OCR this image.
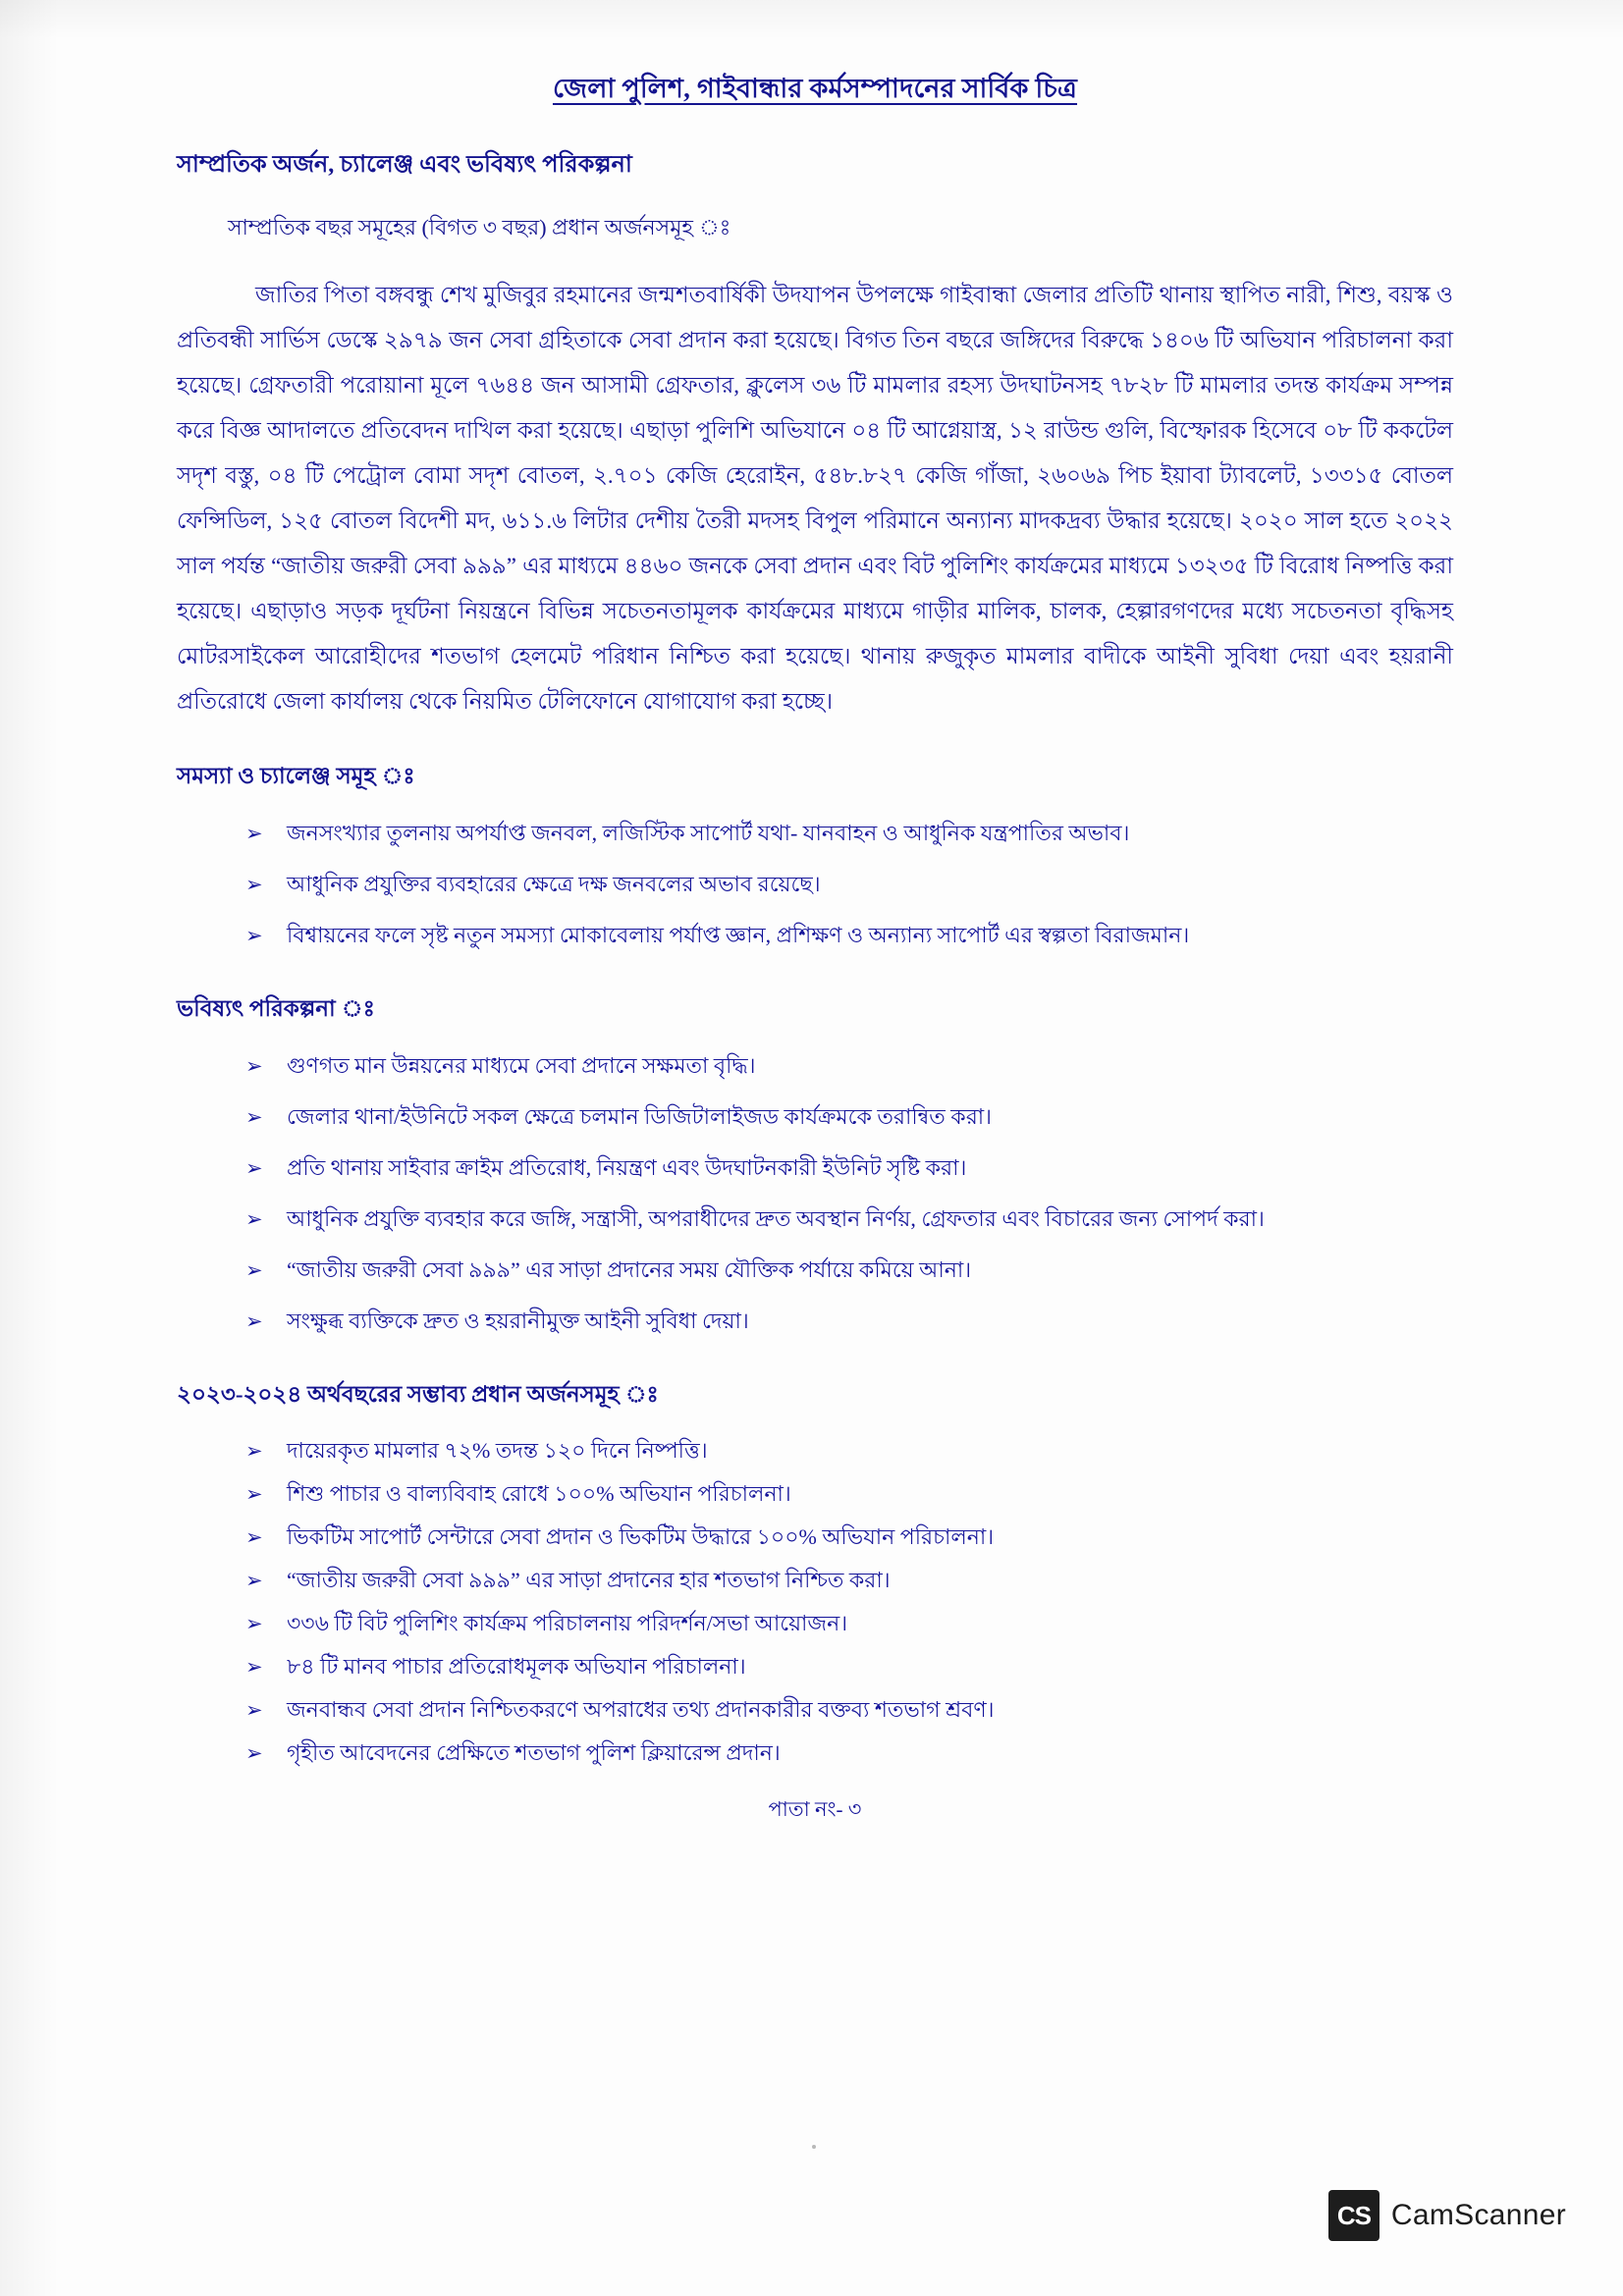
জেলা পুলিশ, গাইবান্ধার কর্মসম্পাদনের সার্বিক চিত্র
সাম্প্রতিক অর্জন, চ্যালেঞ্জ এবং ভবিষ্যৎ পরিকল্পনা
সাম্প্রতিক বছর সমূহের (বিগত ৩ বছর) প্রধান অর্জনসমূহ ঃ

জাতির পিতা বঙ্গবন্ধু শেখ মুজিবুর রহমানের জন্মশতবার্ষিকী উদযাপন উপলক্ষে গাইবান্ধা জেলার প্রতিটি থানায় স্থাপিত নারী, শিশু, বয়স্ক ও প্রতিবন্ধী সার্ভিস ডেস্কে ২৯৭৯ জন সেবা গ্রহিতাকে সেবা প্রদান করা হয়েছে। বিগত তিন বছরে জঙ্গিদের বিরুদ্ধে ১৪০৬ টি অভিযান পরিচালনা করা হয়েছে। গ্রেফতারী পরোয়ানা মূলে ৭৬৪৪ জন আসামী গ্রেফতার, ক্লুলেস ৩৬ টি মামলার রহস্য উদঘাটনসহ ৭৮২৮ টি মামলার তদন্ত কার্যক্রম সম্পন্ন করে বিজ্ঞ আদালতে প্রতিবেদন দাখিল করা হয়েছে। এছাড়া পুলিশি অভিযানে ০৪ টি আগ্নেয়াস্ত্র, ১২ রাউন্ড গুলি, বিস্ফোরক হিসেবে ০৮ টি ককটেল সদৃশ বস্তু, ০৪ টি পেট্রোল বোমা সদৃশ বোতল, ২.৭০১ কেজি হেরোইন, ৫৪৮.৮২৭ কেজি গাঁজা, ২৬০৬৯ পিচ ইয়াবা ট্যাবলেট, ১৩৩১৫ বোতল ফেন্সিডিল, ১২৫ বোতল বিদেশী মদ, ৬১১.৬ লিটার দেশীয় তৈরী মদসহ বিপুল পরিমানে অন্যান্য মাদকদ্রব্য উদ্ধার হয়েছে। ২০২০ সাল হতে ২০২২ সাল পর্যন্ত “জাতীয় জরুরী সেবা ৯৯৯” এর মাধ্যমে ৪৪৬০ জনকে সেবা প্রদান এবং বিট পুলিশিং কার্যক্রমের মাধ্যমে ১৩২৩৫ টি বিরোধ নিষ্পত্তি করা হয়েছে। এছাড়াও সড়ক দূর্ঘটনা নিয়ন্ত্রনে বিভিন্ন সচেতনতামূলক কার্যক্রমের মাধ্যমে গাড়ীর মালিক, চালক, হেল্পারগণদের মধ্যে সচেতনতা বৃদ্ধিসহ মোটরসাইকেল আরোহীদের শতভাগ হেলমেট পরিধান নিশ্চিত করা হয়েছে। থানায় রুজুকৃত মামলার বাদীকে আইনী সুবিধা দেয়া এবং হয়রানী প্রতিরোধে জেলা কার্যালয় থেকে নিয়মিত টেলিফোনে যোগাযোগ করা হচ্ছে।

সমস্যা ও চ্যালেঞ্জ সমূহ ঃ
➢ জনসংখ্যার তুলনায় অপর্যাপ্ত জনবল, লজিস্টিক সাপোর্ট যথা- যানবাহন ও আধুনিক যন্ত্রপাতির অভাব।
➢ আধুনিক প্রযুক্তির ব্যবহারের ক্ষেত্রে দক্ষ জনবলের অভাব রয়েছে।
➢ বিশ্বায়নের ফলে সৃষ্ট নতুন সমস্যা মোকাবেলায় পর্যাপ্ত জ্ঞান, প্রশিক্ষণ ও অন্যান্য সাপোর্ট এর স্বল্পতা বিরাজমান।
ভবিষ্যৎ পরিকল্পনা ঃ
➢ গুণগত মান উন্নয়নের মাধ্যমে সেবা প্রদানে সক্ষমতা বৃদ্ধি।
➢ জেলার থানা/ইউনিটে সকল ক্ষেত্রে চলমান ডিজিটালাইজড কার্যক্রমকে তরান্বিত করা।
➢ প্রতি থানায় সাইবার ক্রাইম প্রতিরোধ, নিয়ন্ত্রণ এবং উদঘাটনকারী ইউনিট সৃষ্টি করা।
➢ আধুনিক প্রযুক্তি ব্যবহার করে জঙ্গি, সন্ত্রাসী, অপরাধীদের দ্রুত অবস্থান নির্ণয়, গ্রেফতার এবং বিচারের জন্য সোপর্দ করা।
➢ “জাতীয় জরুরী সেবা ৯৯৯” এর সাড়া প্রদানের সময় যৌক্তিক পর্যায়ে কমিয়ে আনা।
➢ সংক্ষুব্ধ ব্যক্তিকে দ্রুত ও হয়রানীমুক্ত আইনী সুবিধা দেয়া।
২০২৩-২০২৪ অর্থবছরের সম্ভাব্য প্রধান অর্জনসমূহ ঃ
➢ দায়েরকৃত মামলার ৭২% তদন্ত ১২০ দিনে নিষ্পত্তি।
➢ শিশু পাচার ও বাল্যবিবাহ রোধে ১০০% অভিযান পরিচালনা।
➢ ভিকটিম সাপোর্ট সেন্টারে সেবা প্রদান ও ভিকটিম উদ্ধারে ১০০% অভিযান পরিচালনা।
➢ “জাতীয় জরুরী সেবা ৯৯৯” এর সাড়া প্রদানের হার শতভাগ নিশ্চিত করা।
➢ ৩৩৬ টি বিট পুলিশিং কার্যক্রম পরিচালনায় পরিদর্শন/সভা আয়োজন।
➢ ৮৪ টি মানব পাচার প্রতিরোধমূলক অভিযান পরিচালনা।
➢ জনবান্ধব সেবা প্রদান নিশ্চিতকরণে অপরাধের তথ্য প্রদানকারীর বক্তব্য শতভাগ শ্রবণ।
➢ গৃহীত আবেদনের প্রেক্ষিতে শতভাগ পুলিশ ক্লিয়ারেন্স প্রদান।
পাতা নং- ৩
CS CamScanner
